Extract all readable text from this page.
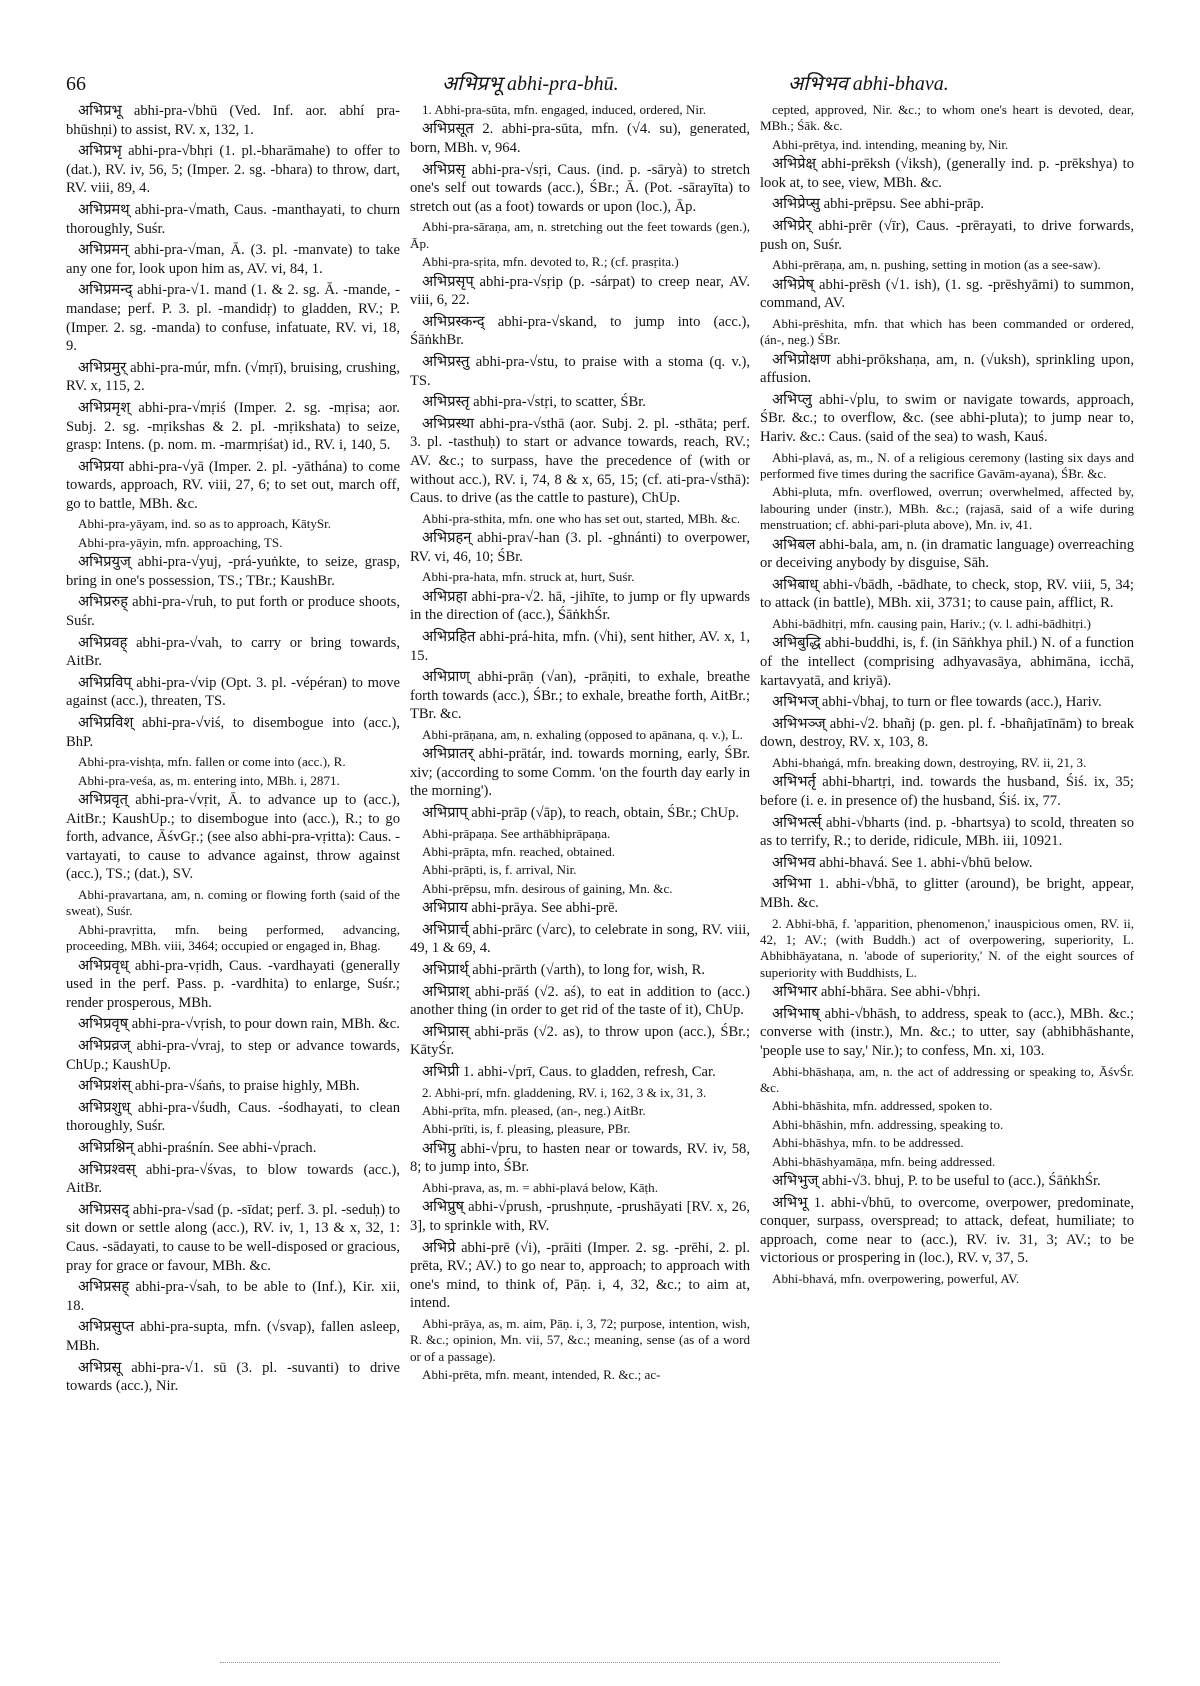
66	अभिप्रभू abhi-pra-bhū.	अभिभव abhi-bhava.

अभिप्रभू abhi-pra-√bhū (Ved. Inf. aor. abhí pra-bhūshṇi) to assist, RV. x, 132, 1.

अभिप्रभृ abhi-pra-√bhṛi (1. pl.-bharāmahe) to offer to (dat.), RV. iv, 56, 5; (Imper. 2. sg. -bhara) to throw, dart, RV. viii, 89, 4.

अभिप्रमथ् abhi-pra-√math, Caus. -manthayati, to churn thoroughly, Suśr.

अभिप्रमन् abhi-pra-√man, Ā. (3. pl. -manvate) to take any one for, look upon him as, AV. vi, 84, 1.

अभिप्रमन्द् abhi-pra-√1. mand (1. & 2. sg. Ā. -mande, -mandase; perf. P. 3. pl. -mandidṛ) to gladden, RV.; P. (Imper. 2. sg. -manda) to confuse, infatuate, RV. vi, 18, 9.

अभिप्रमुर् abhi-pra-múr, mfn. (√mṛī), bruising, crushing, RV. x, 115, 2.

अभिप्रमृश् abhi-pra-√mṛiś (Imper. 2. sg. -mṛisa; aor. Subj. 2. sg. -mṛikshas & 2. pl. -mṛikshata) to seize, grasp: Intens. (p. nom. m. -marmṛiśat) id., RV. i, 140, 5.

अभिप्रया abhi-pra-√yā (Imper. 2. pl. -yāthána) to come towards, approach, RV. viii, 27, 6; to set out, march off, go to battle, MBh. &c.

Abhi-pra-yāyam, ind. so as to approach, KātySr.

Abhi-pra-yāyin, mfn. approaching, TS.

अभिप्रयुज् abhi-pra-√yuj, -prá-yuṅkte, to seize, grasp, bring in one's possession, TS.; TBr.; KaushBr.

अभिप्ररुह् abhi-pra-√ruh, to put forth or produce shoots, Suśr.

अभिप्रवह् abhi-pra-√vah, to carry or bring towards, AitBr.

अभिप्रविप् abhi-pra-√vip (Opt. 3. pl. -vépéran) to move against (acc.), threaten, TS.

अभिप्रविश् abhi-pra-√viś, to disembogue into (acc.), BhP.

Abhi-pra-vishṭa, mfn. fallen or come into (acc.), R.

Abhi-pra-veśa, as, m. entering into, MBh. i, 2871.

अभिप्रवृत् abhi-pra-√vṛit, Ā. to advance up to (acc.), AitBr.; KaushUp.; to disembogue into (acc.), R.; to go forth, advance, ĀśvGṛ.; (see also abhi-pra-vṛitta): Caus. -vartayati, to cause to advance against, throw against (acc.), TS.; (dat.), SV.

Abhi-pravartana, am, n. coming or flowing forth (said of the sweat), Suśr.

Abhi-pravṛitta, mfn. being performed, advancing, proceeding, MBh. viii, 3464; occupied or engaged in, Bhag.

अभिप्रवृध् abhi-pra-vṛidh, Caus. -vardhayati (generally used in the perf. Pass. p. -vardhita) to enlarge, Suśr.; render prosperous, MBh.

अभिप्रवृष् abhi-pra-√vṛish, to pour down rain, MBh. &c.

अभिप्रव्रज् abhi-pra-√vraj, to step or advance towards, ChUp.; KaushUp.

अभिप्रशंस् abhi-pra-√śaṅs, to praise highly, MBh.

अभिप्रशुध् abhi-pra-√śudh, Caus. -śodhayati, to clean thoroughly, Suśr.

अभिप्रश्निन् abhi-praśnín. See abhi-√prach.

अभिप्रश्वस् abhi-pra-√śvas, to blow towards (acc.), AitBr.

अभिप्रसद् abhi-pra-√sad (p. -sīdat; perf. 3. pl. -seduḥ) to sit down or settle along (acc.), RV. iv, 1, 13 & x, 32, 1: Caus. -sādayati, to cause to be well-disposed or gracious, pray for grace or favour, MBh. &c.

अभिप्रसह् abhi-pra-√sah, to be able to (Inf.), Kir. xii, 18.

अभिप्रसुप्त abhi-pra-supta, mfn. (√svap), fallen asleep, MBh.

अभिप्रसू abhi-pra-√1. sū (3. pl. -suvanti) to drive towards (acc.), Nir.

1. Abhi-pra-sūta, mfn. engaged, induced, ordered, Nir.

अभिप्रसूत 2. abhi-pra-sūta, mfn. (√4. su), generated, born, MBh. v, 964.

अभिप्रसृ abhi-pra-√sṛi, Caus. (ind. p. -sāryà) to stretch one's self out towards (acc.), ŚBr.; Ā. (Pot. -sārayīta) to stretch out (as a foot) towards or upon (loc.), Āp.

Abhi-pra-sāraṇa, am, n. stretching out the feet towards (gen.), Āp.

Abhi-pra-sṛita, mfn. devoted to, R.; (cf. prasṛita.)

अभिप्रसृप् abhi-pra-√sṛip (p. -sárpat) to creep near, AV. viii, 6, 22.

अभिप्रस्कन्द् abhi-pra-√skand, to jump into (acc.), ŚāṅkhBr.

अभिप्रस्तु abhi-pra-√stu, to praise with a stoma (q. v.), TS.

अभिप्रस्तृ abhi-pra-√stṛi, to scatter, ŚBr.

अभिप्रस्था abhi-pra-√sthā (aor. Subj. 2. pl. -sthāta; perf. 3. pl. -tasthuḥ) to start or advance towards, reach, RV.; AV. &c.; to surpass, have the precedence of (with or without acc.), RV. i, 74, 8 & x, 65, 15; (cf. ati-pra-√sthā): Caus. to drive (as the cattle to pasture), ChUp.

Abhi-pra-sthita, mfn. one who has set out, started, MBh. &c.

अभिप्रहन् abhi-pra√-han (3. pl. -ghnánti) to overpower, RV. vi, 46, 10; ŚBr.

Abhi-pra-hata, mfn. struck at, hurt, Suśr.

अभिप्रहा abhi-pra-√2. hā, -jihīte, to jump or fly upwards in the direction of (acc.), ŚāṅkhŚr.

अभिप्रहित abhi-prá-hita, mfn. (√hi), sent hither, AV. x, 1, 15.

अभिप्राण् abhi-prāṇ (√an), -prāṇiti, to exhale, breathe forth towards (acc.), ŚBr.; to exhale, breathe forth, AitBr.; TBr. &c.

Abhi-prāṇana, am, n. exhaling (opposed to apānana, q. v.), L.

अभिप्रातर् abhi-prātár, ind. towards morning, early, ŚBr. xiv; (according to some Comm. 'on the fourth day early in the morning').

अभिप्राप् abhi-prāp (√āp), to reach, obtain, ŚBr.; ChUp.

Abhi-prāpaṇa. See arthābhiprāpaṇa.

Abhi-prāpta, mfn. reached, obtained.

Abhi-prāpti, is, f. arrival, Nir.

Abhi-prēpsu, mfn. desirous of gaining, Mn. &c.

अभिप्राय abhi-prāya. See abhi-prē.

अभिप्रार्च् abhi-prārc (√arc), to celebrate in song, RV. viii, 49, 1 & 69, 4.

अभिप्रार्थ् abhi-prārth (√arth), to long for, wish, R.

अभिप्राश् abhi-prāś (√2. aś), to eat in addition to (acc.) another thing (in order to get rid of the taste of it), ChUp.

अभिप्रास् abhi-prās (√2. as), to throw upon (acc.), ŚBr.; KātyŚr.

अभिप्री 1. abhi-√prī, Caus. to gladden, refresh, Car.

2. Abhi-prí, mfn. gladdening, RV. i, 162, 3 & ix, 31, 3.

Abhi-prīta, mfn. pleased, (an-, neg.) AitBr.

Abhi-prīti, is, f. pleasing, pleasure, PBr.

अभिप्रु abhi-√pru, to hasten near or towards, RV. iv, 58, 8; to jump into, ŚBr.

Abhi-prava, as, m. = abhi-plavá below, Kāṭh.

अभिप्रुष् abhi-√prush, -prushṇute, -prushāyati [RV. x, 26, 3], to sprinkle with, RV.

अभिप्रे abhi-prē (√i), -prāiti (Imper. 2. sg. -prēhi, 2. pl. prēta, RV.; AV.) to go near to, approach; to approach with one's mind, to think of, Pāṇ. i, 4, 32, &c.; to aim at, intend.

Abhi-prāya, as, m. aim, Pāṇ. i, 3, 72; purpose, intention, wish, R. &c.; opinion, Mn. vii, 57, &c.; meaning, sense (as of a word or of a passage).

Abhi-prēta, mfn. meant, intended, R. &c.; ac-

cepted, approved, Nir. &c.; to whom one's heart is devoted, dear, MBh.; Śāk. &c.

Abhi-prētya, ind. intending, meaning by, Nir.

अभिप्रेक्ष् abhi-prēksh (√iksh), (generally ind. p. -prēkshya) to look at, to see, view, MBh. &c.

अभिप्रेप्सु abhi-prēpsu. See abhi-prāp.

अभिप्रेर् abhi-prēr (√īr), Caus. -prērayati, to drive forwards, push on, Suśr.

Abhi-prēraṇa, am, n. pushing, setting in motion (as a see-saw).

अभिप्रेष् abhi-prēsh (√1. ish), (1. sg. -prēshyāmi) to summon, command, AV.

Abhi-prēshita, mfn. that which has been commanded or ordered, (án-, neg.) ŚBr.

अभिप्रोक्षण abhi-prōkshaṇa, am, n. (√uksh), sprinkling upon, affusion.

अभिप्लु abhi-√plu, to swim or navigate towards, approach, ŚBr. &c.; to overflow, &c. (see abhi-pluta); to jump near to, Hariv. &c.: Caus. (said of the sea) to wash, Kauś.

Abhi-plavá, as, m., N. of a religious ceremony (lasting six days and performed five times during the sacrifice Gavām-ayana), ŚBr. &c.

Abhi-pluta, mfn. overflowed, overrun; overwhelmed, affected by, labouring under (instr.), MBh. &c.; (rajasā, said of a wife during menstruation; cf. abhi-pari-pluta above), Mn. iv, 41.

अभिबल abhi-bala, am, n. (in dramatic language) overreaching or deceiving anybody by disguise, Sāh.

अभिबाध् abhi-√bādh, -bādhate, to check, stop, RV. viii, 5, 34; to attack (in battle), MBh. xii, 3731; to cause pain, afflict, R.

Abhi-bādhitṛi, mfn. causing pain, Hariv.; (v. l. adhi-bādhitṛi.)

अभिबुद्धि abhi-buddhi, is, f. (in Sāṅkhya phil.) N. of a function of the intellect (comprising adhyavasāya, abhimāna, icchā, kartavyatā, and kriyā).

अभिभज् abhi-√bhaj, to turn or flee towards (acc.), Hariv.

अभिभञ्ज् abhi-√2. bhañj (p. gen. pl. f. -bhañjatīnām) to break down, destroy, RV. x, 103, 8.

Abhi-bhaṅgá, mfn. breaking down, destroying, RV. ii, 21, 3.

अभिभर्तृ abhi-bhartṛi, ind. towards the husband, Śiś. ix, 35; before (i. e. in presence of) the husband, Śiś. ix, 77.

अभिभर्त्स् abhi-√bharts (ind. p. -bhartsya) to scold, threaten so as to terrify, R.; to deride, ridicule, MBh. iii, 10921.

अभिभव abhi-bhavá. See 1. abhi-√bhū below.

अभिभा 1. abhi-√bhā, to glitter (around), be bright, appear, MBh. &c.

2. Abhi-bhā, f. 'apparition, phenomenon,' inauspicious omen, RV. ii, 42, 1; AV.; (with Buddh.) act of overpowering, superiority, L. Abhibhāyatana, n. 'abode of superiority,' N. of the eight sources of superiority with Buddhists, L.

अभिभार abhí-bhāra. See abhi-√bhṛi.

अभिभाष् abhi-√bhāsh, to address, speak to (acc.), MBh. &c.; converse with (instr.), Mn. &c.; to utter, say (abhibhāshante, 'people use to say,' Nir.); to confess, Mn. xi, 103.

Abhi-bhāshaṇa, am, n. the act of addressing or speaking to, ĀśvŚr. &c.

Abhi-bhāshita, mfn. addressed, spoken to.

Abhi-bhāshin, mfn. addressing, speaking to.

Abhi-bhāshya, mfn. to be addressed.

Abhi-bhāshyamāṇa, mfn. being addressed.

अभिभुज् abhi-√3. bhuj, P. to be useful to (acc.), ŚāṅkhŚr.

अभिभू 1. abhi-√bhū, to overcome, overpower, predominate, conquer, surpass, overspread; to attack, defeat, humiliate; to approach, come near to (acc.), RV. iv. 31, 3; AV.; to be victorious or prospering in (loc.), RV. v, 37, 5.

Abhi-bhavá, mfn. overpowering, powerful, AV.
